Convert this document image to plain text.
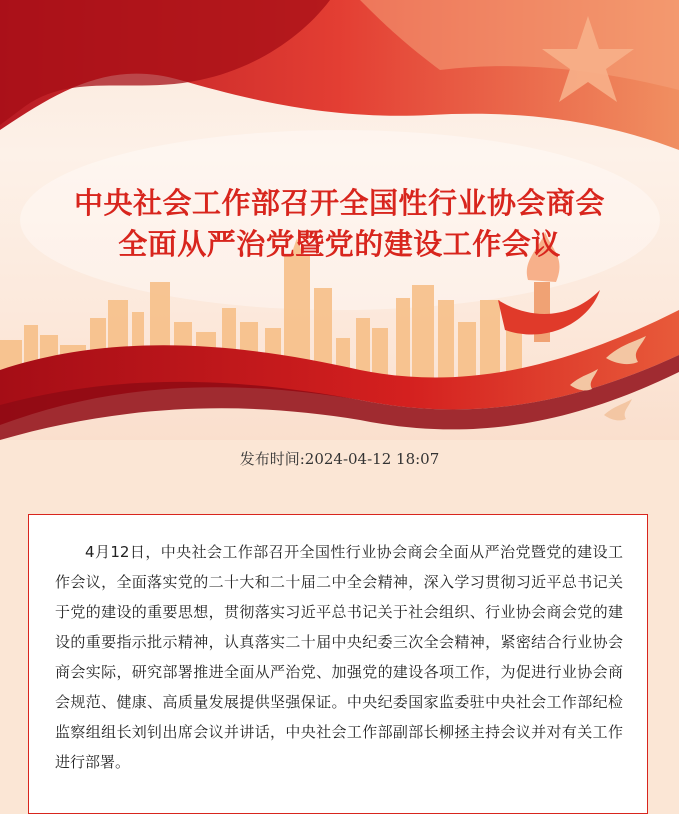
中央社会工作部召开全国性行业协会商会
全面从严治党暨党的建设工作会议
发布时间:2024-04-12 18:07

4月12日，中央社会工作部召开全国性行业协会商会全面从严治党暨党的建设工作会议，全面落实党的二十大和二十届二中全会精神，深入学习贯彻习近平总书记关于党的建设的重要思想，贯彻落实习近平总书记关于社会组织、行业协会商会党的建设的重要指示批示精神，认真落实二十届中央纪委三次全会精神，紧密结合行业协会商会实际，研究部署推进全面从严治党、加强党的建设各项工作，为促进行业协会商会规范、健康、高质量发展提供坚强保证。中央纪委国家监委驻中央社会工作部纪检监察组组长刘钊出席会议并讲话，中央社会工作部副部长柳拯主持会议并对有关工作进行部署。
